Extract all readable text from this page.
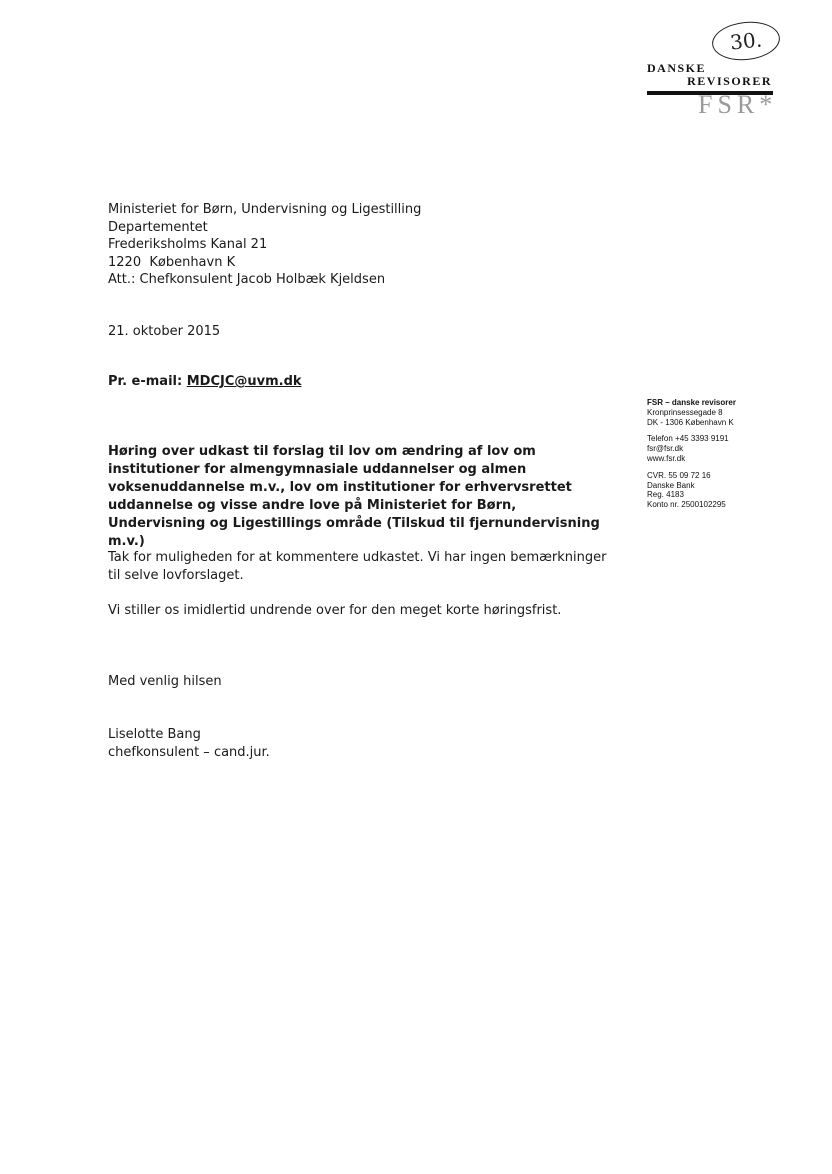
30.
DANSKE
REVISORER
FSR*
Ministeriet for Børn, Undervisning og Ligestilling
Departementet
Frederiksholms Kanal 21
1220  København K
Att.: Chefkonsulent Jacob Holbæk Kjeldsen
21. oktober 2015
Pr. e-mail: MDCJC@uvm.dk
Høring over udkast til forslag til lov om ændring af lov om institutioner for almengymnasiale uddannelser og almen voksenuddannelse m.v., lov om institutioner for erhvervsrettet uddannelse og visse andre love på Ministeriet for Børn, Undervisning og Ligestillings område (Tilskud til fjernundervisning m.v.)
Tak for muligheden for at kommentere udkastet. Vi har ingen bemærkninger til selve lovforslaget.
Vi stiller os imidlertid undrende over for den meget korte høringsfrist.
Med venlig hilsen
Liselotte Bang
chefkonsulent – cand.jur.
FSR – danske revisorer
Kronprinsessegade 8
DK - 1306 København K
Telefon +45 3393 9191
fsr@fsr.dk
www.fsr.dk
CVR. 55 09 72 16
Danske Bank
Reg. 4183
Konto nr. 2500102295
